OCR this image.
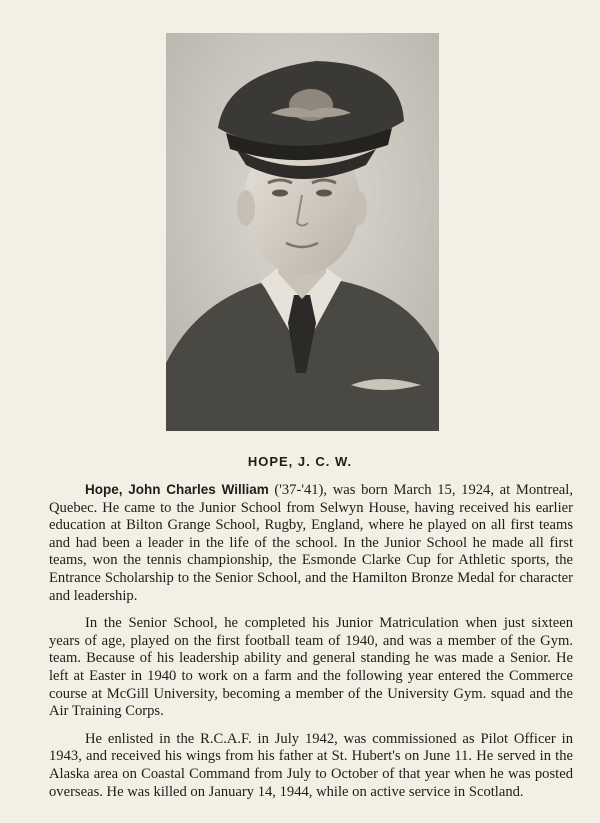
HOPE, J. C. W.

Hope, John Charles William ('37-'41), was born March 15, 1924, at Montreal, Quebec. He came to the Junior School from Selwyn House, having received his earlier education at Bilton Grange School, Rugby, England, where he played on all first teams and had been a leader in the life of the school. In the Junior School he made all first teams, won the tennis championship, the Esmonde Clarke Cup for Athletic sports, the Entrance Scholarship to the Senior School, and the Hamilton Bronze Medal for character and leadership.

In the Senior School, he completed his Junior Matriculation when just sixteen years of age, played on the first football team of 1940, and was a member of the Gym. team. Because of his leadership ability and general standing he was made a Senior. He left at Easter in 1940 to work on a farm and the following year entered the Commerce course at McGill University, becoming a member of the University Gym. squad and the Air Training Corps.

He enlisted in the R.C.A.F. in July 1942, was commissioned as Pilot Officer in 1943, and received his wings from his father at St. Hubert's on June 11. He served in the Alaska area on Coastal Command from July to October of that year when he was posted overseas. He was killed on January 14, 1944, while on active service in Scotland.
